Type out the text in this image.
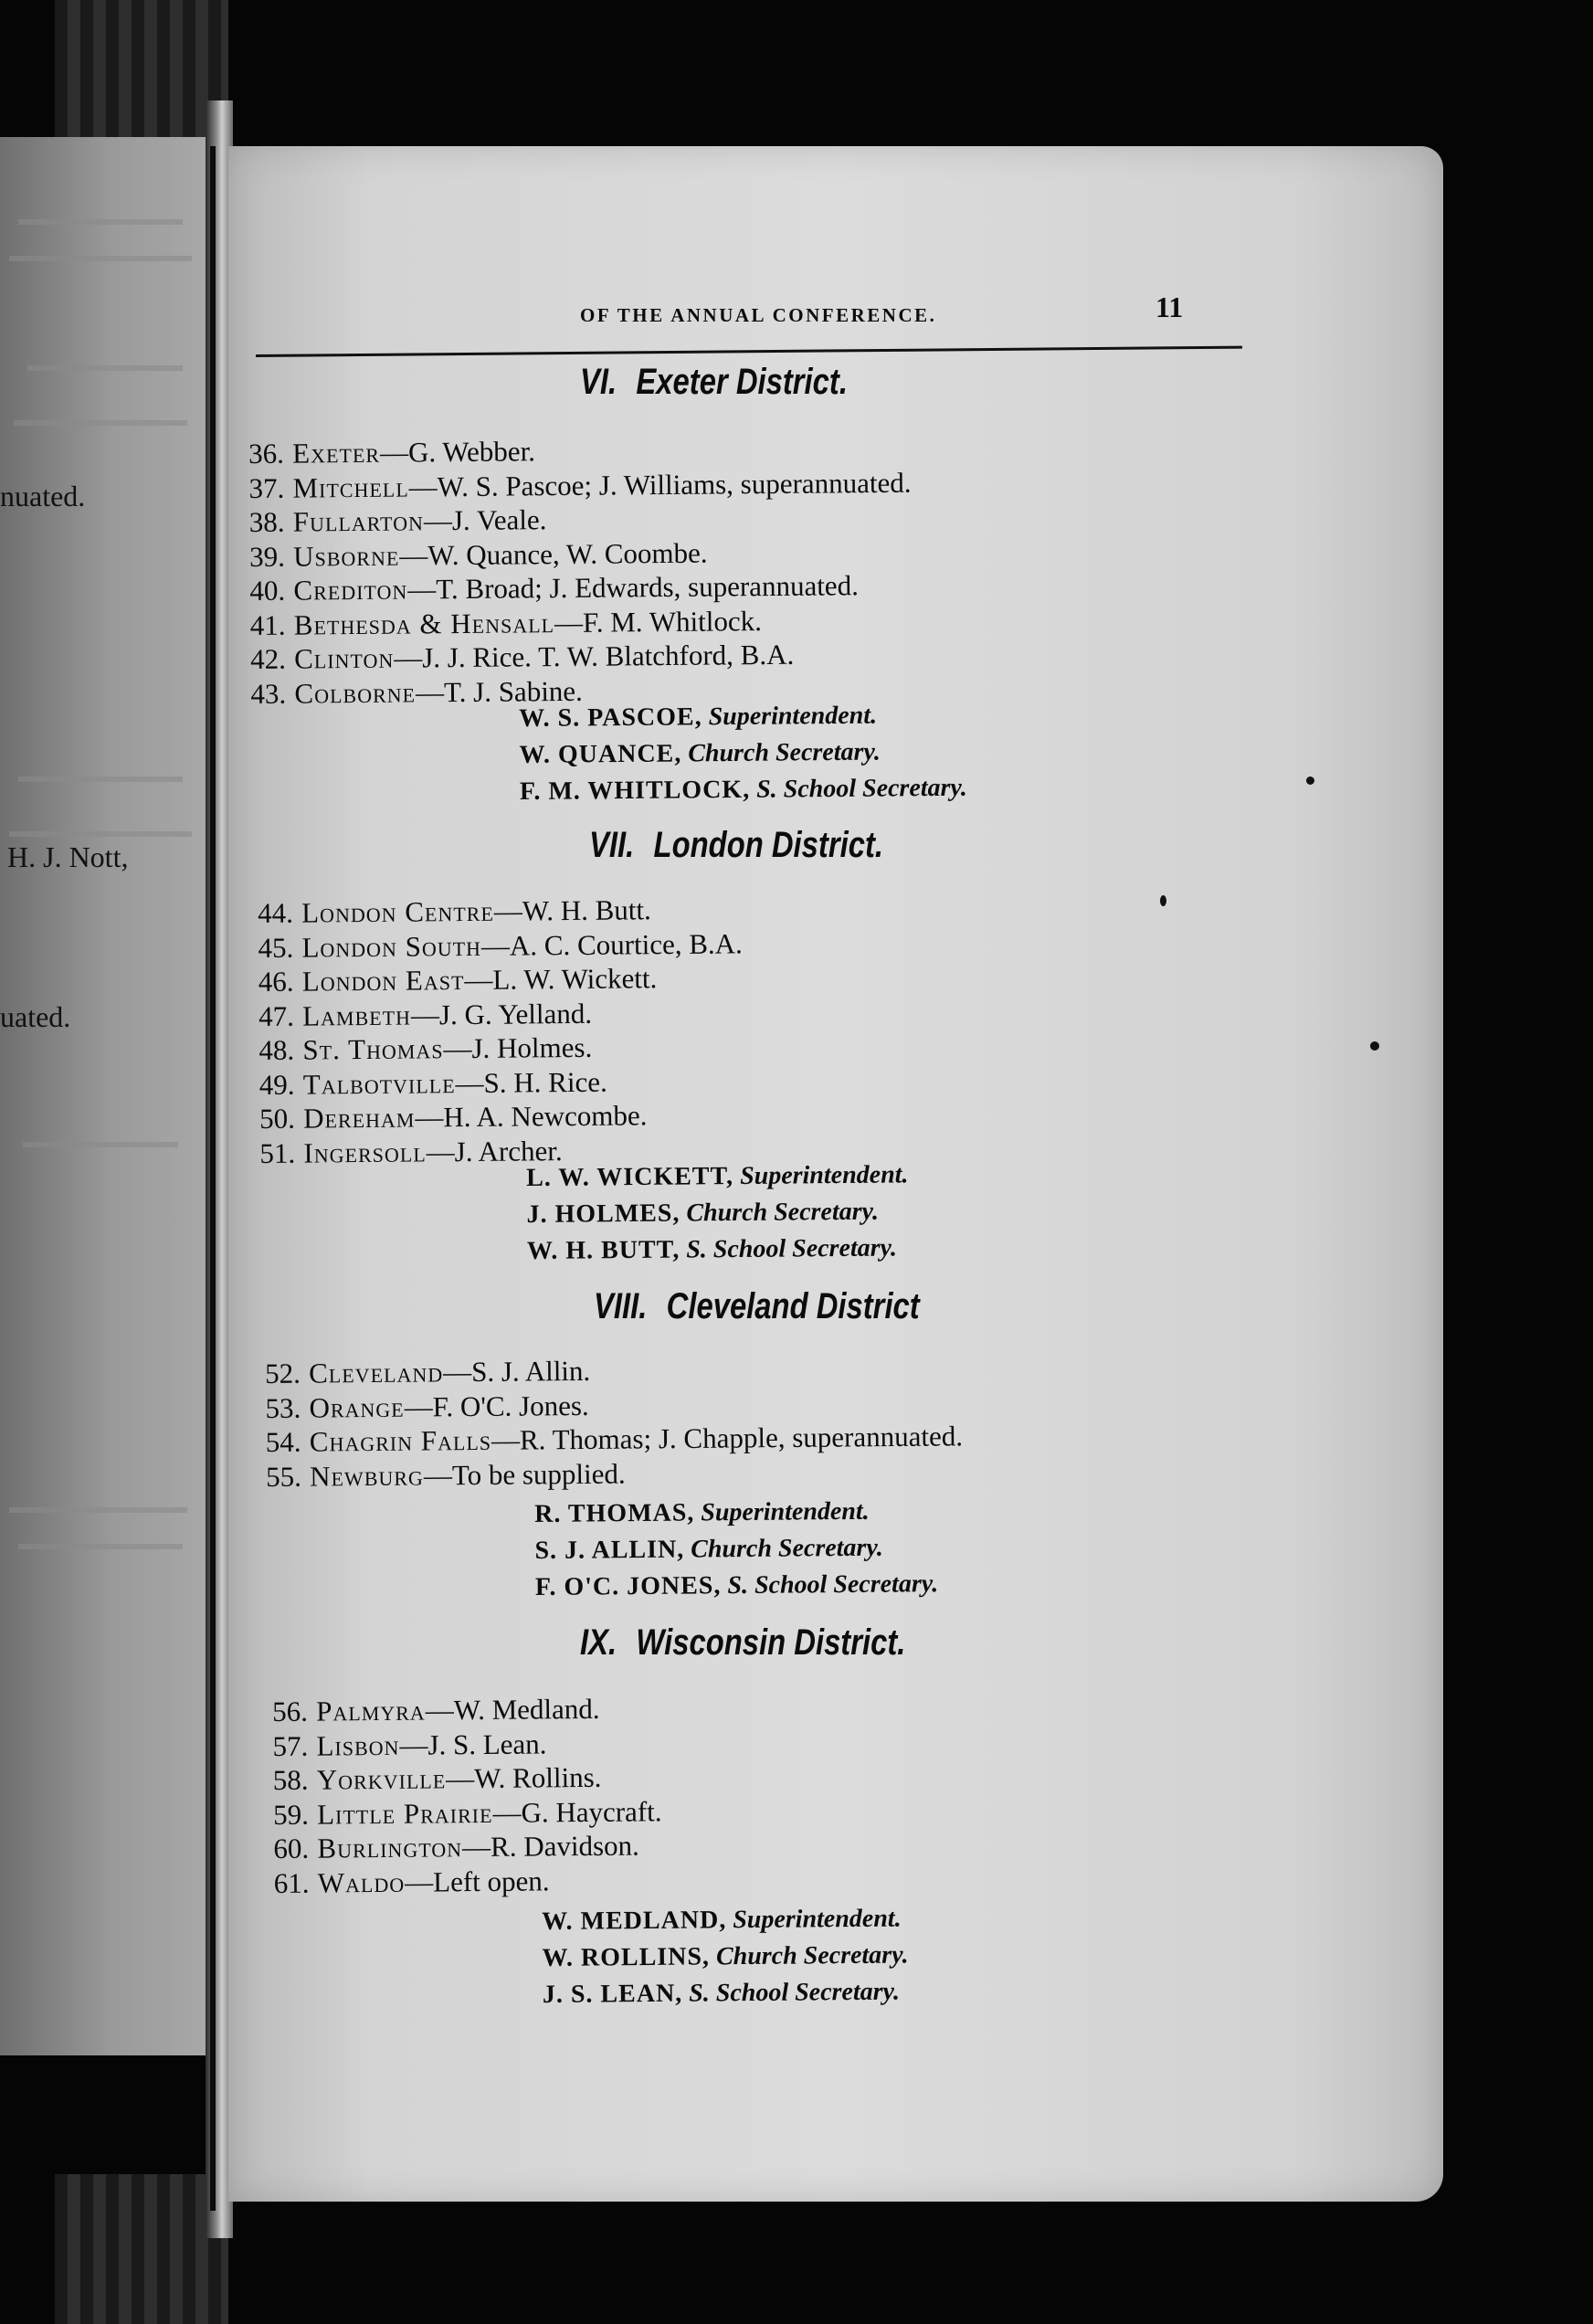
nuated.
H. J. Nott,
uated.
OF THE ANNUAL CONFERENCE.	11
VI. Exeter District.
36. Exeter—G. Webber.
37. Mitchell—W. S. Pascoe; J. Williams, superannuated.
38. Fullarton—J. Veale.
39. Usborne—W. Quance, W. Coombe.
40. Crediton—T. Broad; J. Edwards, superannuated.
41. Bethesda & Hensall—F. M. Whitlock.
42. Clinton—J. J. Rice. T. W. Blatchford, B.A.
43. Colborne—T. J. Sabine.
W. S. PASCOE, Superintendent.
W. QUANCE, Church Secretary.
F. M. WHITLOCK, S. School Secretary.
VII. London District.
44. London Centre—W. H. Butt.
45. London South—A. C. Courtice, B.A.
46. London East—L. W. Wickett.
47. Lambeth—J. G. Yelland.
48. St. Thomas—J. Holmes.
49. Talbotville—S. H. Rice.
50. Dereham—H. A. Newcombe.
51. Ingersoll—J. Archer.
L. W. WICKETT, Superintendent.
J. HOLMES, Church Secretary.
W. H. BUTT, S. School Secretary.
VIII. Cleveland District
52. Cleveland—S. J. Allin.
53. Orange—F. O'C. Jones.
54. Chagrin Falls—R. Thomas; J. Chapple, superannuated.
55. Newburg—To be supplied.
R. THOMAS, Superintendent.
S. J. ALLIN, Church Secretary.
F. O'C. JONES, S. School Secretary.
IX. Wisconsin District.
56. Palmyra—W. Medland.
57. Lisbon—J. S. Lean.
58. Yorkville—W. Rollins.
59. Little Prairie—G. Haycraft.
60. Burlington—R. Davidson.
61. Waldo—Left open.
W. MEDLAND, Superintendent.
W. ROLLINS, Church Secretary.
J. S. LEAN, S. School Secretary.
